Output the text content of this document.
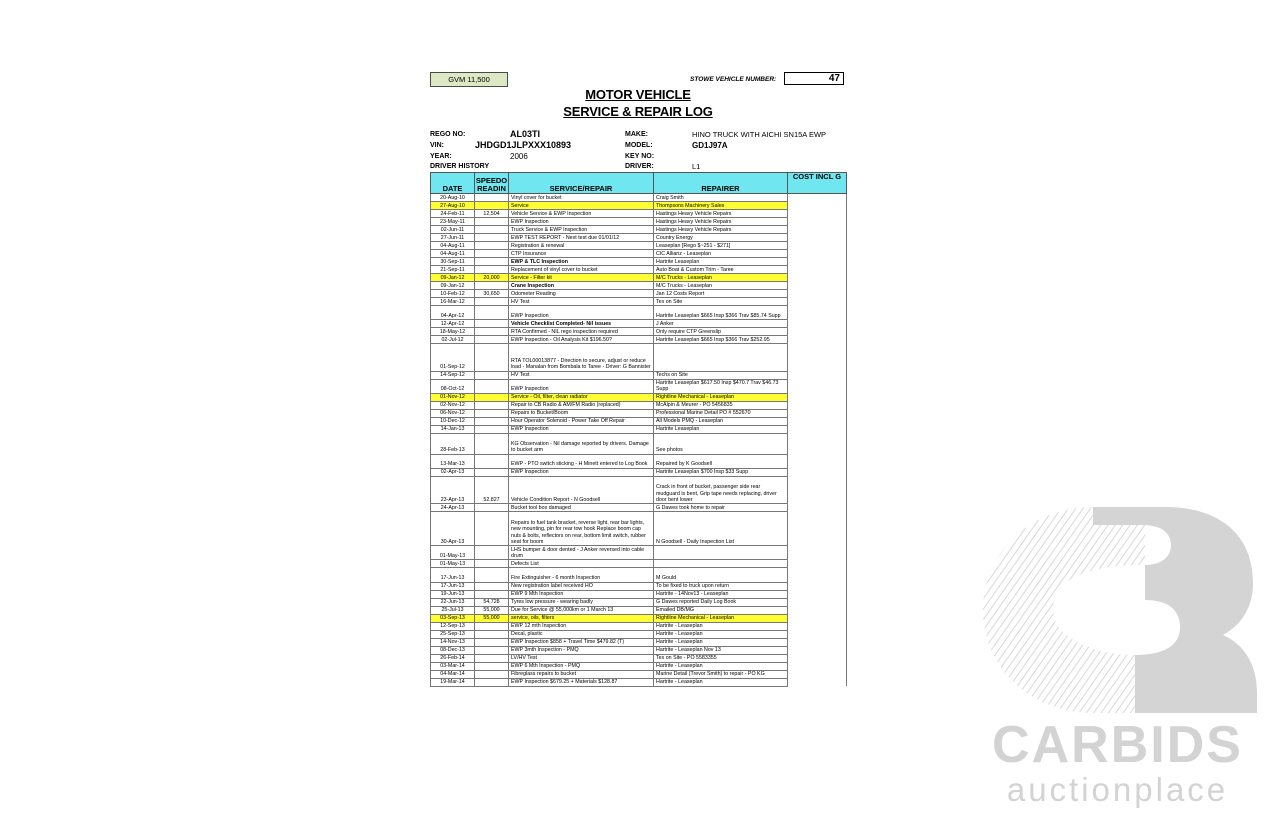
GVM 11,500	STOWE VEHICLE NUMBER:	47
MOTOR VEHICLE
SERVICE & REPAIR LOG
REGO NO:	AL03TI
VIN:	JHDGD1JLPXXX10893
YEAR:	2006
DRIVER HISTORY
MAKE:	HINO TRUCK WITH AICHI SN15A EWP
MODEL:	GD1J97A
KEY NO:
DRIVER:	L1
DATE	SPEEDO READIN	SERVICE/REPAIR	REPAIRER	COST INCL G
20-Aug-10		Vinyl cover for bucket	Craig Smith	
27-Aug-10		Service	Thompsons Machinery Sales	
24-Feb-11	12,504	Vehicle Service & EWP Inspection	Hastings Heavy Vehicle Repairs	
23-May-11		EWP Inspection	Hastings Heavy Vehicle Repairs	
02-Jun-11		Truck Service & EWP Inspection	Hastings Heavy Vehicle Repairs	
27-Jun-11		EWP TEST REPORT - Next test due 01/01/12	Country Energy	
04-Aug-11		Registration & renewal	Leaseplan [Rego $~251 - $271]	
04-Aug-11		CTP Insurance	CIC Allianz - Leaseplan	
30-Sep-11		EWP & TLC Inspection	Hartrite Leaseplan	
21-Sep-11		Replacement of vinyl cover to bucket	Auto Boat & Custom Trim - Taree	
09-Jan-12	20,000	Service - Filter kit	M/C Trucks - Leaseplan	
09-Jan-12		Crane Inspection	M/C Trucks - Leaseplan	
10-Feb-12	30,650	Odometer Reading	Jan 12 Costs Report	
16-Mar-12		HV Test	Tex on Site	
04-Apr-12		EWP Inspection	Hartrite Leaseplan $665 Insp $366 Trav $85.74 Supp	
12-Apr-12		Vehicle Checklist Completed- Nil issues	J Anker	
18-May-12		RTA Confirmed - NIL rego inspection required	Only require CTP Greenslip	
02-Jul-12		EWP Inspection - Oil Analysis Kit $196.50?	Hartrite Leaseplan $665 Insp $366 Trav $252.95	
01-Sep-12		RTA TOL00013877 - Direction to secure, adjust or reduce load - Manalan from Bombala to Taree - Driver: G Bannister		
14-Sep-12		HV Test	Techs on Site	
08-Oct-12		EWP Inspection	Hartrite Leaseplan $617.50 Insp $470.7 Trav $46.73 Supp	
01-Nov-12		Service - Oil, filter, clean radiator	Rightline Mechanical - Leaseplan	
02-Nov-12		Repair to CB Radio & AM/FM Radio (replaced)	McAlpin & Meurer - PO 5456835	
06-Nov-12		Repairs to Bucket/Boom	Professional Marine Detail PO # 552670	
10-Dec-12		Hour Operator Solenoid - Power Take Off Repair	All Models PMQ - Leaseplan	
14-Jan-13		EWP Inspection	Hartrite Leaseplan	
28-Feb-13		KG Observation - Nil damage reported by drivers. Damage to bucket arm	See photos	
13-Mar-13		EWP - PTO switch sticking - H Minett entered to Log Book	Repaired by K Goodsell	
02-Apr-13		EWP Inspection	Hartrite Leaseplan $700 Insp $33 Supp	
23-Apr-13	52,827	Vehicle Condition Report - N Goodsell	Crack in front of bucket, passenger side rear mudguard is bent, Grip tape needs replacing, driver door bent lower	
24-Apr-13		Bucket tool box damaged	G Dawes took home to repair	
30-Apr-13		Repairs to fuel tank bracket, reverse light, rear bar lights, new mounting, pin for rear tow hook Replace boom cap nuts & bolts, reflectors on rear, bottom limit switch, rubber seat for boom	N Goodsell - Daily Inspection List	
01-May-13		LHS bumper & door dented - J Anker reversed into cable drum		
01-May-13		Defects List		
17-Jun-13		Fire Extinguisher - 6 month Inspection	M Gould	
17-Jun-13		New registration label received HO	To be fixed to truck upon return	
19-Jun-13		EWP 9 Mth Inspection	Hartrite - 14Nov13 - Leaseplan	
22-Jun-13	54,728	Tyres low pressure - wearing badly	G Dawes reported Daily Log Book	
25-Jul-13	55,000	Due for Service @ 55,000km or 1 March 13	Emailed DB/MG	
03-Sep-13	55,000	service, oils, filters	Rightline Mechanical - Leaseplan	
12-Sep-13		EWP 12 mth Inspection	Hartrite - Leaseplan	
25-Sep-13		Decal, plastic	Hartrite - Leaseplan	
14-Nov-13		EWP Inspection $858 + Travel Time $479.82 (T)	Hartrite - Leaseplan	
08-Dec-13		EWP 3mth Inspection - PMQ	Hartrite - Leaseplan Nov 13	
26-Feb-14		LV/HV Test	Tex on Site - PO 5583355	
03-Mar-14		EWP 6 Mth Inspection - PMQ	Hartrite - Leaseplan	
04-Mar-14		Fibreglass repairs to bucket	Marine Detail (Trevor Smith) to repair - PO KG	
19-Mar-14		EWP Inspection $679.25 + Materials $128.87	Hartrite - Leaseplan	
CARBIDS
auctionplace
